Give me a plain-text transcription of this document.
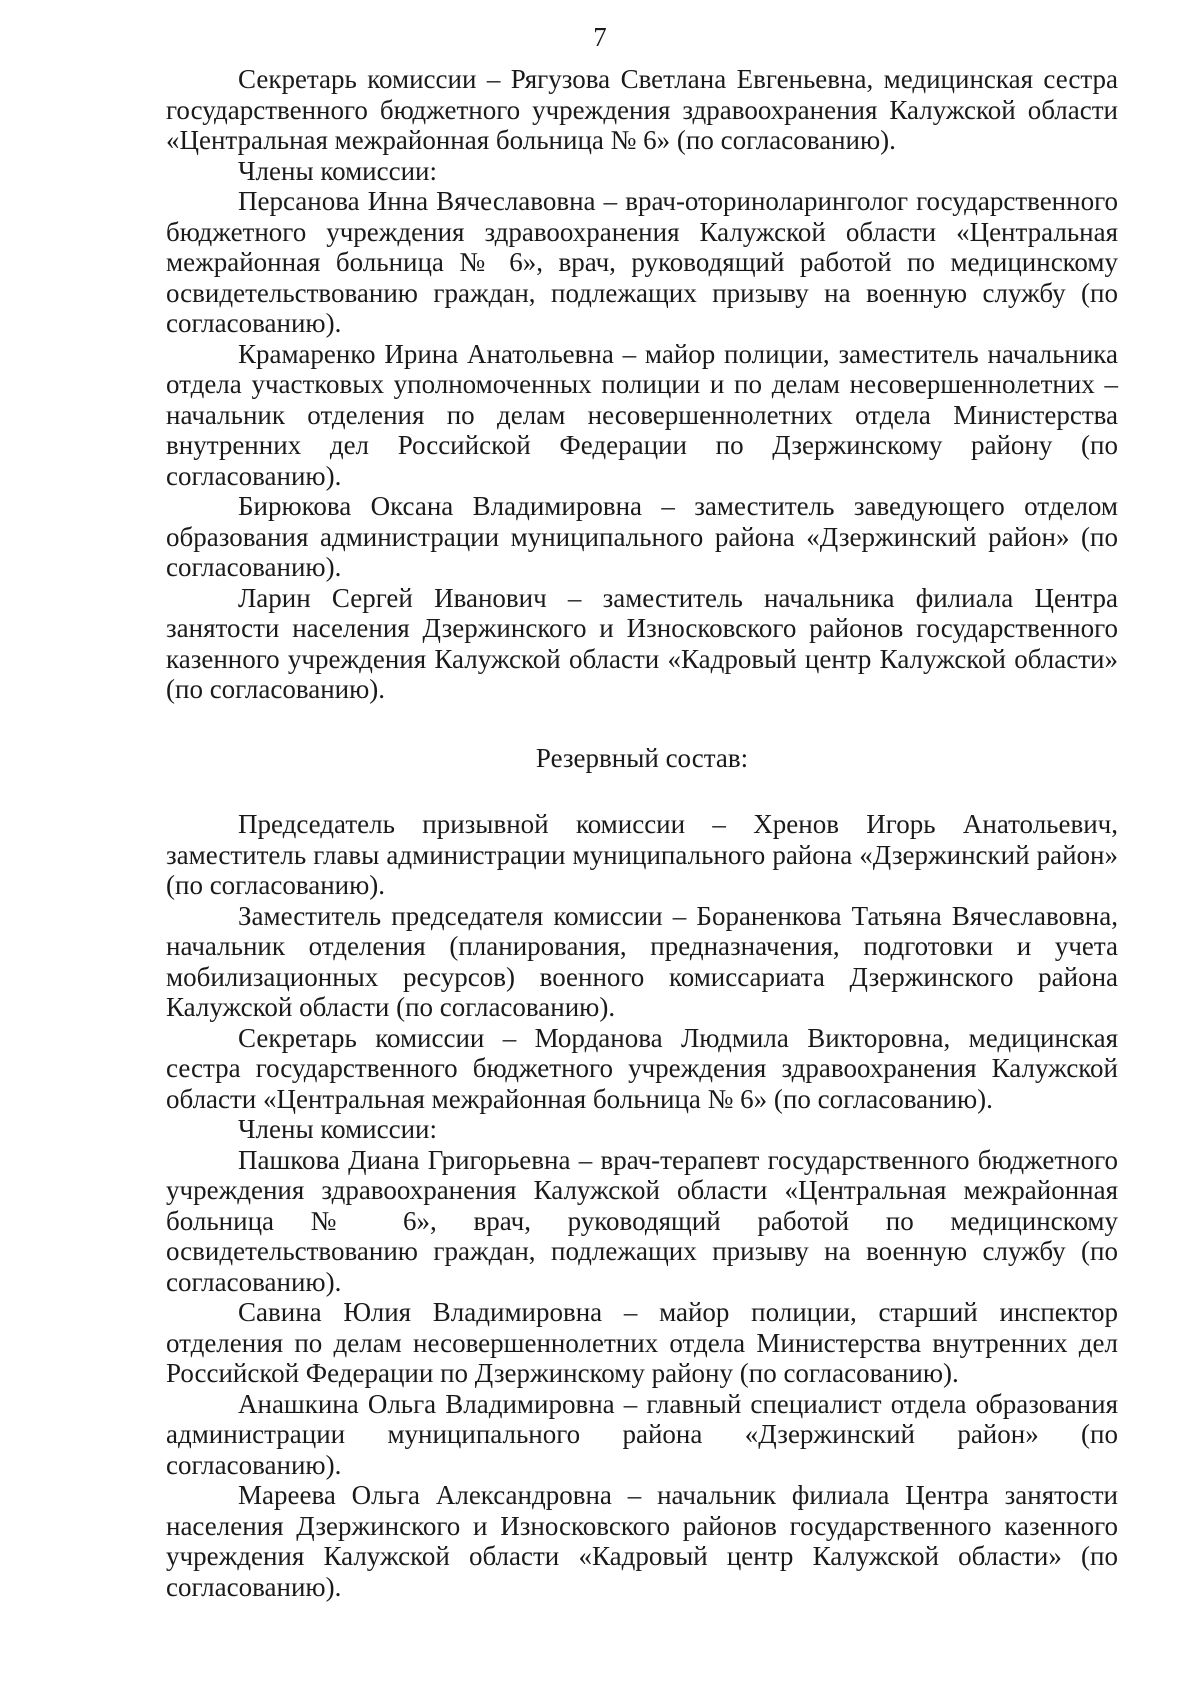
7

Секретарь комиссии – Рягузова Светлана Евгеньевна, медицинская сестра государственного бюджетного учреждения здравоохранения Калужской области «Центральная межрайонная больница № 6» (по согласованию).

Члены комиссии:

Персанова Инна Вячеславовна – врач-оториноларинголог государственного бюджетного учреждения здравоохранения Калужской области «Центральная межрайонная больница № 6», врач, руководящий работой по медицинскому освидетельствованию граждан, подлежащих призыву на военную службу (по согласованию).

Крамаренко Ирина Анатольевна – майор полиции, заместитель начальника отдела участковых уполномоченных полиции и по делам несовершеннолетних – начальник отделения по делам несовершеннолетних отдела Министерства внутренних дел Российской Федерации по Дзержинскому району (по согласованию).

Бирюкова Оксана Владимировна – заместитель заведующего отделом образования администрации муниципального района «Дзержинский район» (по согласованию).

Ларин Сергей Иванович – заместитель начальника филиала Центра занятости населения Дзержинского и Износковского районов государственного казенного учреждения Калужской области «Кадровый центр Калужской области» (по согласованию).

Резервный состав:

Председатель призывной комиссии – Хренов Игорь Анатольевич, заместитель главы администрации муниципального района «Дзержинский район» (по согласованию).

Заместитель председателя комиссии – Бораненкова Татьяна Вячеславовна, начальник отделения (планирования, предназначения, подготовки и учета мобилизационных ресурсов) военного комиссариата Дзержинского района Калужской области (по согласованию).

Секретарь комиссии – Морданова Людмила Викторовна, медицинская сестра государственного бюджетного учреждения здравоохранения Калужской области «Центральная межрайонная больница № 6» (по согласованию).

Члены комиссии:

Пашкова Диана Григорьевна – врач-терапевт государственного бюджетного учреждения здравоохранения Калужской области «Центральная межрайонная больница № 6», врач, руководящий работой по медицинскому освидетельствованию граждан, подлежащих призыву на военную службу (по согласованию).

Савина Юлия Владимировна – майор полиции, старший инспектор отделения по делам несовершеннолетних отдела Министерства внутренних дел Российской Федерации по Дзержинскому району (по согласованию).

Анашкина Ольга Владимировна – главный специалист отдела образования администрации муниципального района «Дзержинский район» (по согласованию).

Мареева Ольга Александровна – начальник филиала Центра занятости населения Дзержинского и Износковского районов государственного казенного учреждения Калужской области «Кадровый центр Калужской области» (по согласованию).
